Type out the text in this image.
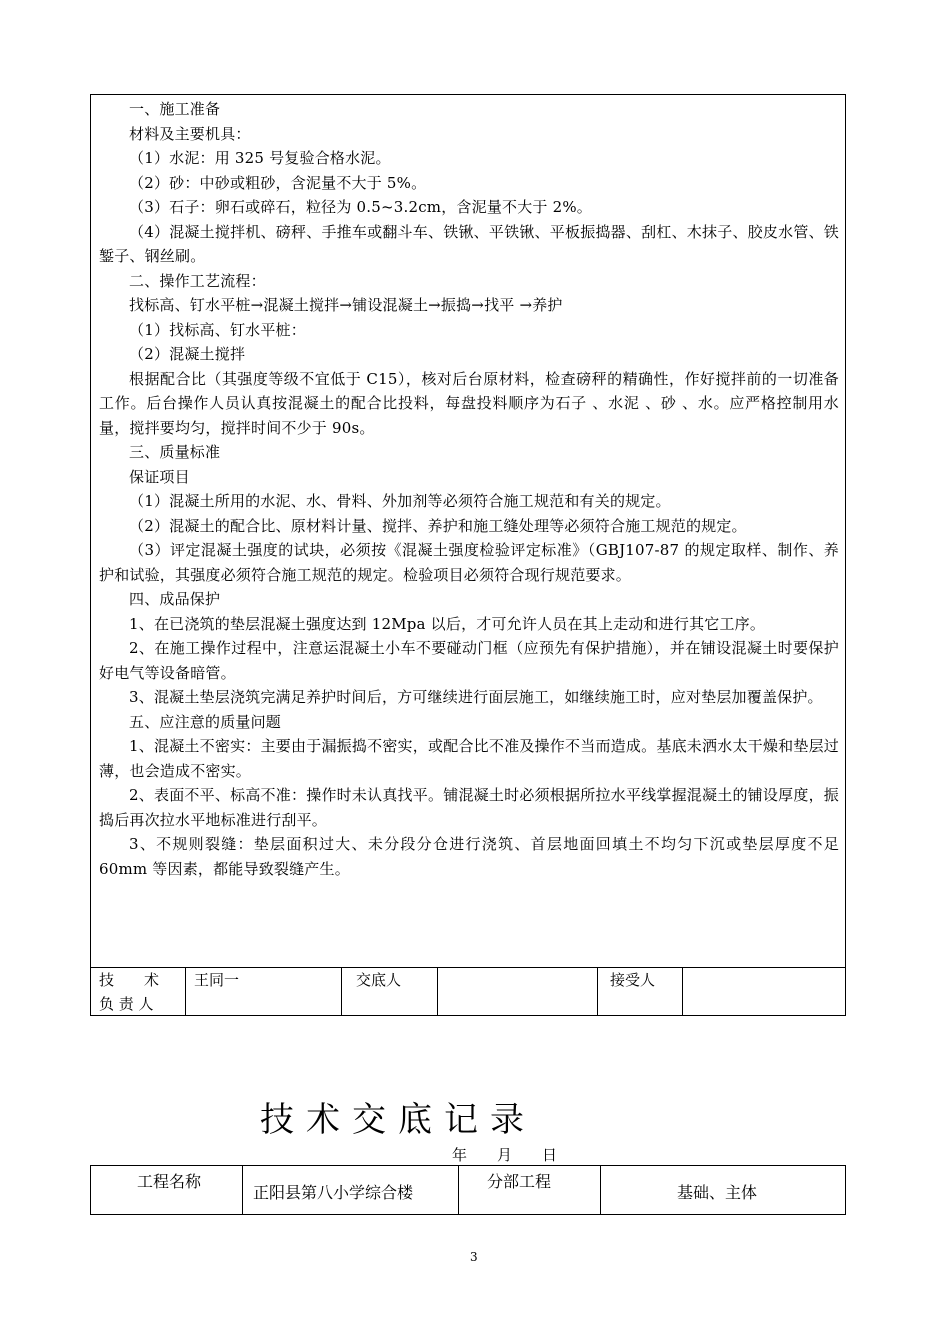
一、施工准备

材料及主要机具：

（1）水泥：用 325 号复验合格水泥。

（2）砂：中砂或粗砂，含泥量不大于 5%。

（3）石子：卵石或碎石，粒径为 0.5~3.2cm，含泥量不大于 2%。

（4）混凝土搅拌机、磅秤、手推车或翻斗车、铁锹、平铁锹、平板振捣器、刮杠、木抹子、胶皮水管、铁錾子、钢丝刷。

二、操作工艺流程：

找标高、钉水平桩→混凝土搅拌→铺设混凝土→振捣→找平 →养护

（1）找标高、钉水平桩：

（2）混凝土搅拌

根据配合比（其强度等级不宜低于 C15），核对后台原材料，检查磅秤的精确性，作好搅拌前的一切准备工作。后台操作人员认真按混凝土的配合比投料，每盘投料顺序为石子 、水泥 、砂 、水。应严格控制用水量，搅拌要均匀，搅拌时间不少于 90s。

三、质量标准

保证项目

（1）混凝土所用的水泥、水、骨料、外加剂等必须符合施工规范和有关的规定。

（2）混凝土的配合比、原材料计量、搅拌、养护和施工缝处理等必须符合施工规范的规定。

（3）评定混凝土强度的试块，必须按《混凝土强度检验评定标准》（GBJ107-87 的规定取样、制作、养护和试验，其强度必须符合施工规范的规定。检验项目必须符合现行规范要求。

四、成品保护

1、在已浇筑的垫层混凝土强度达到 12Mpa 以后，才可允许人员在其上走动和进行其它工序。

2、在施工操作过程中，注意运混凝土小车不要碰动门框（应预先有保护措施），并在铺设混凝土时要保护好电气等设备暗管。

3、混凝土垫层浇筑完满足养护时间后，方可继续进行面层施工，如继续施工时，应对垫层加覆盖保护。

五、应注意的质量问题

1、混凝土不密实：主要由于漏振捣不密实，或配合比不准及操作不当而造成。基底未洒水太干燥和垫层过薄，也会造成不密实。

2、表面不平、标高不准：操作时未认真找平。铺混凝土时必须根据所拉水平线掌握混凝土的铺设厚度，振捣后再次拉水平地标准进行刮平。

3、不规则裂缝：垫层面积过大、未分段分仓进行浇筑、首层地面回填土不均匀下沉或垫层厚度不足 60mm 等因素，都能导致裂缝产生。

技　　术
负 责 人
王同一	交底人	接受人
技术交底记录
年　　月　　日
工程名称
正阳县第八小学综合楼
分部工程
基础、主体
3
